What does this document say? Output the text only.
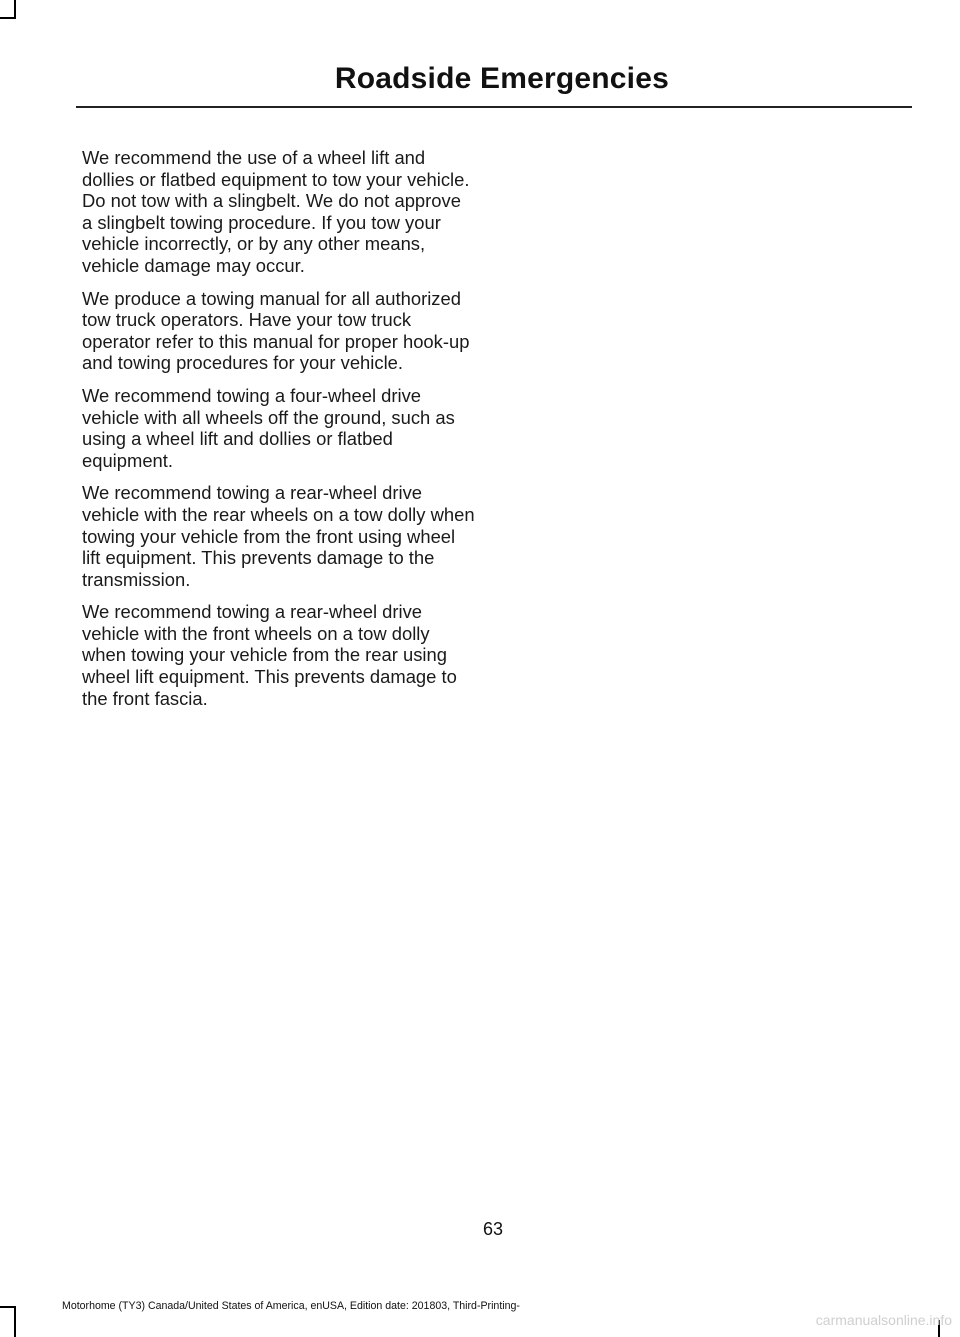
Roadside Emergencies

We recommend the use of a wheel lift and dollies or flatbed equipment to tow your vehicle. Do not tow with a slingbelt. We do not approve a slingbelt towing procedure. If you tow your vehicle incorrectly, or by any other means, vehicle damage may occur.

We produce a towing manual for all authorized tow truck operators. Have your tow truck operator refer to this manual for proper hook-up and towing procedures for your vehicle.

We recommend towing a four-wheel drive vehicle with all wheels off the ground, such as using a wheel lift and dollies or flatbed equipment.

We recommend towing a rear-wheel drive vehicle with the rear wheels on a tow dolly when towing your vehicle from the front using wheel lift equipment. This prevents damage to the transmission.

We recommend towing a rear-wheel drive vehicle with the front wheels on a tow dolly when towing your vehicle from the rear using wheel lift equipment. This prevents damage to the front fascia.

63
Motorhome (TY3) Canada/United States of America, enUSA, Edition date: 201803, Third-Printing-
carmanualsonline.info
